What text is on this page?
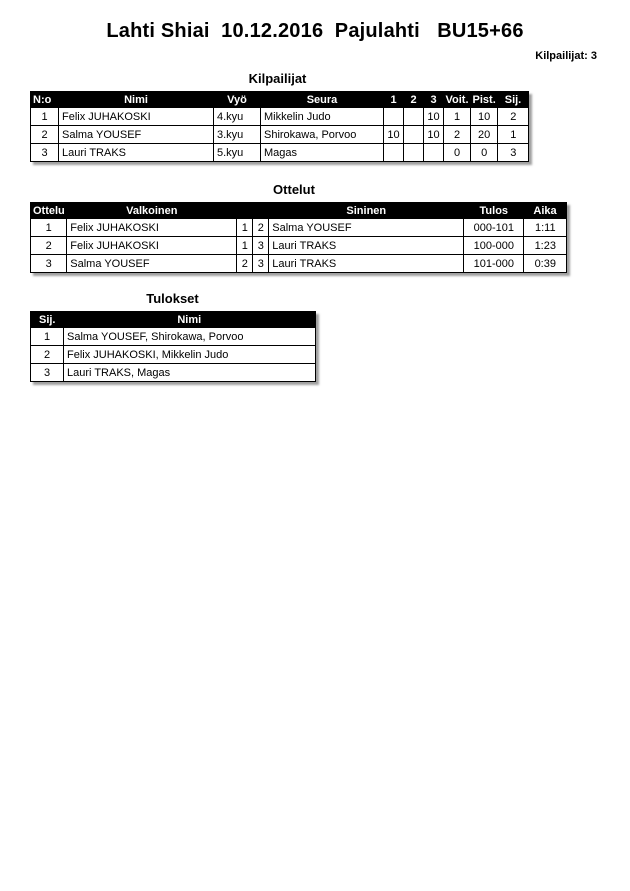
Lahti Shiai  10.12.2016  Pajulahti   BU15+66
Kilpailijat: 3
Kilpailijat
N:o	Nimi	Vyö	Seura	1	2	3	Voit.	Pist.	Sij.
1	Felix JUHAKOSKI	4.kyu	Mikkelin Judo			10	1	10	2
2	Salma YOUSEF	3.kyu	Shirokawa, Porvoo	10		10	2	20	1
3	Lauri TRAKS	5.kyu	Magas				0	0	3
Ottelut
Ottelu	Valkoinen			Sininen	Tulos	Aika
1	Felix JUHAKOSKI	1	2	Salma YOUSEF	000-101	1:11
2	Felix JUHAKOSKI	1	3	Lauri TRAKS	100-000	1:23
3	Salma YOUSEF	2	3	Lauri TRAKS	101-000	0:39
Tulokset
Sij.	Nimi
1	Salma YOUSEF, Shirokawa, Porvoo
2	Felix JUHAKOSKI, Mikkelin Judo
3	Lauri TRAKS, Magas
